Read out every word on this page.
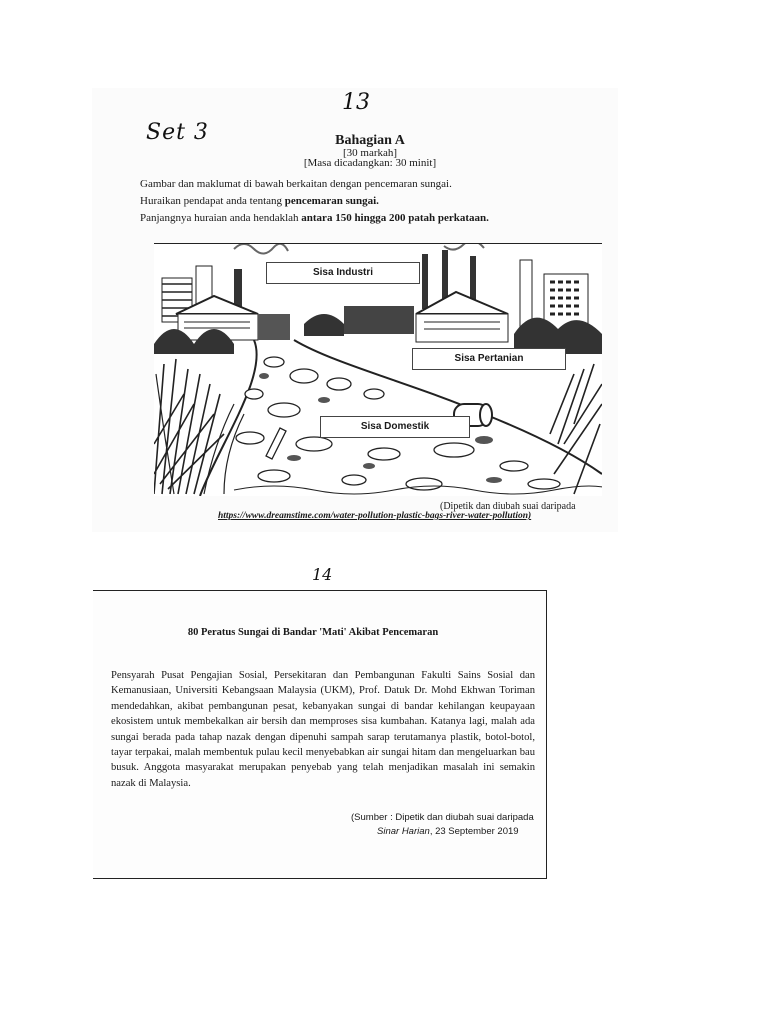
13
Set 3	Bahagian A
[30 markah]
[Masa dicadangkan: 30 minit]
Gambar dan maklumat di bawah berkaitan dengan pencemaran sungai.
Huraikan pendapat anda tentang pencemaran sungai.
Panjangnya huraian anda hendaklah antara 150 hingga 200 patah perkataan.
Sisa Industri
Sisa Pertanian
Sisa Domestik
(Dipetik dan diubah suai daripada
https://www.dreamstime.com/water-pollution-plastic-bags-river-water-pollution)
14
80 Peratus Sungai di Bandar 'Mati' Akibat Pencemaran
Pensyarah Pusat Pengajian Sosial, Persekitaran dan Pembangunan Fakulti Sains Sosial dan Kemanusiaan, Universiti Kebangsaan Malaysia (UKM), Prof. Datuk Dr. Mohd Ekhwan Toriman mendedahkan, akibat pembangunan pesat, kebanyakan sungai di bandar kehilangan keupayaan ekosistem untuk membekalkan air bersih dan memproses sisa kumbahan. Katanya lagi, malah ada sungai berada pada tahap nazak dengan dipenuhi sampah sarap terutamanya plastik, botol-botol, tayar terpakai, malah membentuk pulau kecil menyebabkan air sungai hitam dan mengeluarkan bau busuk. Anggota masyarakat merupakan penyebab yang telah menjadikan masalah ini semakin nazak di Malaysia.
(Sumber : Dipetik dan diubah suai daripada
Sinar Harian, 23 September 2019
